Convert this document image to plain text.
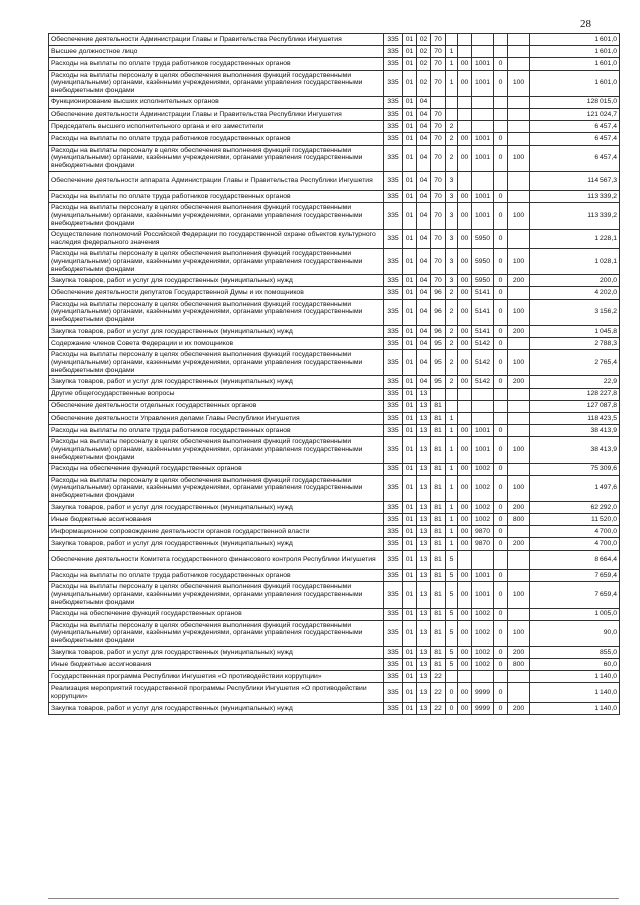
28
Обеспечение деятельности Администрации Главы и Правительства Республики Ингушетия	335	01	02	70						1 601,0
Высшее должностное лицо	335	01	02	70	1					1 601,0
Расходы на выплаты по оплате труда работников государственных органов	335	01	02	70	1	00	1001	0		1 601,0
Расходы на выплаты персоналу в целях обеспечения выполнения функций государственными (муниципальными) органами, казёнными учреждениями, органами управления государственными внебюджетными фондами	335	01	02	70	1	00	1001	0	100	1 601,0
Функционирование высших исполнительных органов	335	01	04							128 015,0
Обеспечение деятельности Администрации Главы и Правительства Республики Ингушетия	335	01	04	70						121 024,7
Председатель высшего исполнительного органа и его заместители	335	01	04	70	2					6 457,4
Расходы на выплаты по оплате труда работников государственных органов	335	01	04	70	2	00	1001	0		6 457,4
Расходы на выплаты персоналу в целях обеспечения выполнения функций государственными (муниципальными) органами, казёнными учреждениями, органами управления государственными внебюджетными фондами	335	01	04	70	2	00	1001	0	100	6 457,4
Обеспечение деятельности аппарата Администрации Главы и Правительства Республики Ингушетия	335	01	04	70	3					114 567,3
Расходы на выплаты по оплате труда работников государственных органов	335	01	04	70	3	00	1001	0		113 339,2
Расходы на выплаты персоналу в целях обеспечения выполнения функций государственными (муниципальными) органами, казёнными учреждениями, органами управления государственными внебюджетными фондами	335	01	04	70	3	00	1001	0	100	113 339,2
Осуществление полномочий Российской Федерации по государственной охране объектов культурного наследия федерального значения	335	01	04	70	3	00	5950	0		1 228,1
Расходы на выплаты персоналу в целях обеспечения выполнения функций государственными (муниципальными) органами, казёнными учреждениями, органами управления государственными внебюджетными фондами	335	01	04	70	3	00	5950	0	100	1 028,1
Закупка товаров, работ и услуг для государственных (муниципальных) нужд	335	01	04	70	3	00	5950	0	200	200,0
Обеспечение деятельности депутатов Государственной Думы и их помощников	335	01	04	96	2	00	5141	0		4 202,0
Расходы на выплаты персоналу в целях обеспечения выполнения функций государственными (муниципальными) органами, казёнными учреждениями, органами управления государственными внебюджетными фондами	335	01	04	96	2	00	5141	0	100	3 156,2
Закупка товаров, работ и услуг для государственных (муниципальных) нужд	335	01	04	96	2	00	5141	0	200	1 045,8
Содержание членов Совета Федерации и их помощников	335	01	04	95	2	00	5142	0		2 788,3
Расходы на выплаты персоналу в целях обеспечения выполнения функций государственными (муниципальными) органами, казенными учреждениями, органами управления государственными внебюджетными фондами	335	01	04	95	2	00	5142	0	100	2 765,4
Закупка товаров, работ и услуг для государственных (муниципальных) нужд	335	01	04	95	2	00	5142	0	200	22,9
Другие общегосударственные вопросы	335	01	13							128 227,8
Обеспечение деятельности отдельных государственных органов	335	01	13	81						127 087,8
Обеспечение деятельности Управления делами Главы Республики Ингушетия	335	01	13	81	1					118 423,5
Расходы на выплаты по оплате труда работников государственных органов	335	01	13	81	1	00	1001	0		38 413,9
Расходы на выплаты персоналу в целях обеспечения выполнения функций государственными (муниципальными) органами, казёнными учреждениями, органами управления государственными внебюджетными фондами	335	01	13	81	1	00	1001	0	100	38 413,9
Расходы на обеспечение функций государственных органов	335	01	13	81	1	00	1002	0		75 309,6
Расходы на выплаты персоналу в целях обеспечения выполнения функций государственными (муниципальными) органами, казёнными учреждениями, органами управления государственными внебюджетными фондами	335	01	13	81	1	00	1002	0	100	1 497,6
Закупка товаров, работ и услуг для государственных (муниципальных) нужд	335	01	13	81	1	00	1002	0	200	62 292,0
Иные бюджетные ассигнования	335	01	13	81	1	00	1002	0	800	11 520,0
Информационное сопровождение деятельности органов государственной власти	335	01	13	81	1	00	9870	0		4 700,0
Закупка товаров, работ и услуг для государственных (муниципальных) нужд	335	01	13	81	1	00	9870	0	200	4 700,0
Обеспечение деятельности Комитета государственного финансового контроля Республики Ингушетия	335	01	13	81	5					8 664,4
Расходы на выплаты по оплате труда работников государственных органов	335	01	13	81	5	00	1001	0		7 659,4
Расходы на выплаты персоналу в целях обеспечения выполнения функций государственными (муниципальными) органами, казёнными учреждениями, органами управления государственными внебюджетными фондами	335	01	13	81	5	00	1001	0	100	7 659,4
Расходы на обеспечение функций государственных органов	335	01	13	81	5	00	1002	0		1 005,0
Расходы на выплаты персоналу в целях обеспечения выполнения функций государственными (муниципальными) органами, казёнными учреждениями, органами управления государственными внебюджетными фондами	335	01	13	81	5	00	1002	0	100	90,0
Закупка товаров, работ и услуг для государственных (муниципальных) нужд	335	01	13	81	5	00	1002	0	200	855,0
Иные бюджетные ассигнования	335	01	13	81	5	00	1002	0	800	60,0
Государственная программа Республики Ингушетия «О противодействии коррупции»	335	01	13	22						1 140,0
Реализация мероприятий государственной программы Республики Ингушетия «О противодействии коррупции»	335	01	13	22	0	00	9999	0		1 140,0
Закупка товаров, работ и услуг для государственных (муниципальных) нужд	335	01	13	22	0	00	9999	0	200	1 140,0
